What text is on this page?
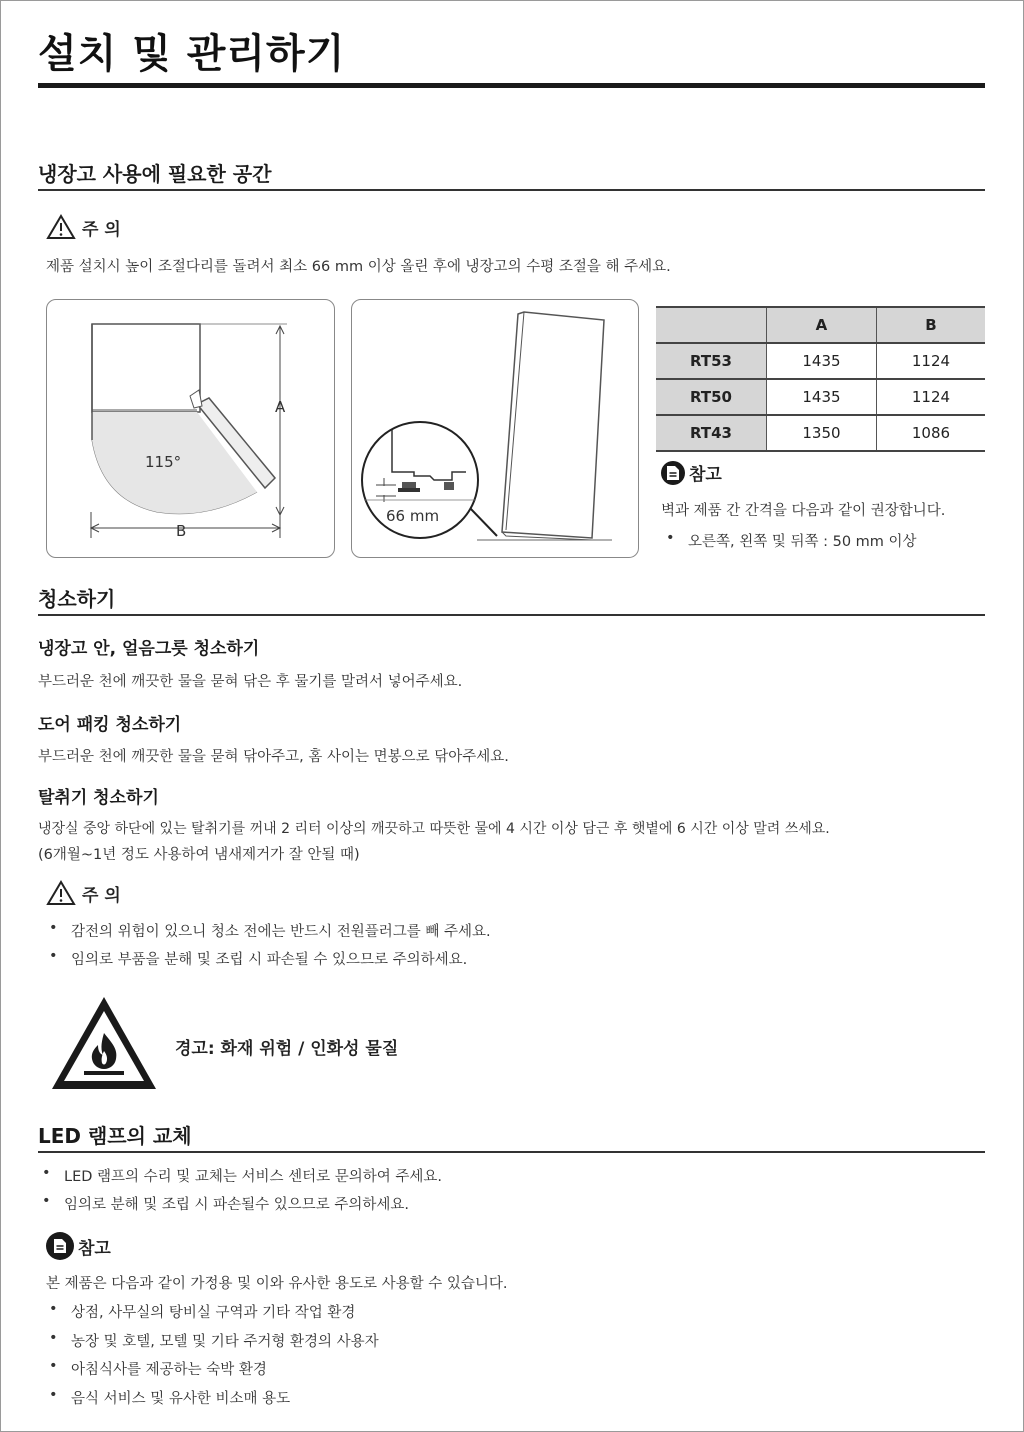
설치 및 관리하기
냉장고 사용에 필요한 공간
주 의
제품 설치시 높이 조절다리를 돌려서 최소 66 mm 이상 올린 후에 냉장고의 수평 조절을 해 주세요.
A
B
115°
66 mm
	A	B
RT53	1435	1124
RT50	1435	1124
RT43	1350	1086
참고
벽과 제품 간 간격을 다음과 같이 권장합니다.
• 오른쪽, 왼쪽 및 뒤쪽 : 50 mm 이상
청소하기
냉장고 안, 얼음그릇 청소하기
부드러운 천에 깨끗한 물을 묻혀 닦은 후 물기를 말려서 넣어주세요.
도어 패킹 청소하기
부드러운 천에 깨끗한 물을 묻혀 닦아주고, 홈 사이는 면봉으로 닦아주세요.
탈취기 청소하기
냉장실 중앙 하단에 있는 탈취기를 꺼내 2 리터 이상의 깨끗하고 따뜻한 물에 4 시간 이상 담근 후 햇볕에 6 시간 이상 말려 쓰세요.
(6개월~1년 정도 사용하여 냄새제거가 잘 안될 때)
주 의
• 감전의 위험이 있으니 청소 전에는 반드시 전원플러그를 빼 주세요.
• 임의로 부품을 분해 및 조립 시 파손될 수 있으므로 주의하세요.
경고: 화재 위험 / 인화성 물질
LED 램프의 교체
• LED 램프의 수리 및 교체는 서비스 센터로 문의하여 주세요.
• 임의로 분해 및 조립 시 파손될수 있으므로 주의하세요.
참고
본 제품은 다음과 같이 가정용 및 이와 유사한 용도로 사용할 수 있습니다.
• 상점, 사무실의 탕비실 구역과 기타 작업 환경
• 농장 및 호텔, 모텔 및 기타 주거형 환경의 사용자
• 아침식사를 제공하는 숙박 환경
• 음식 서비스 및 유사한 비소매 용도
